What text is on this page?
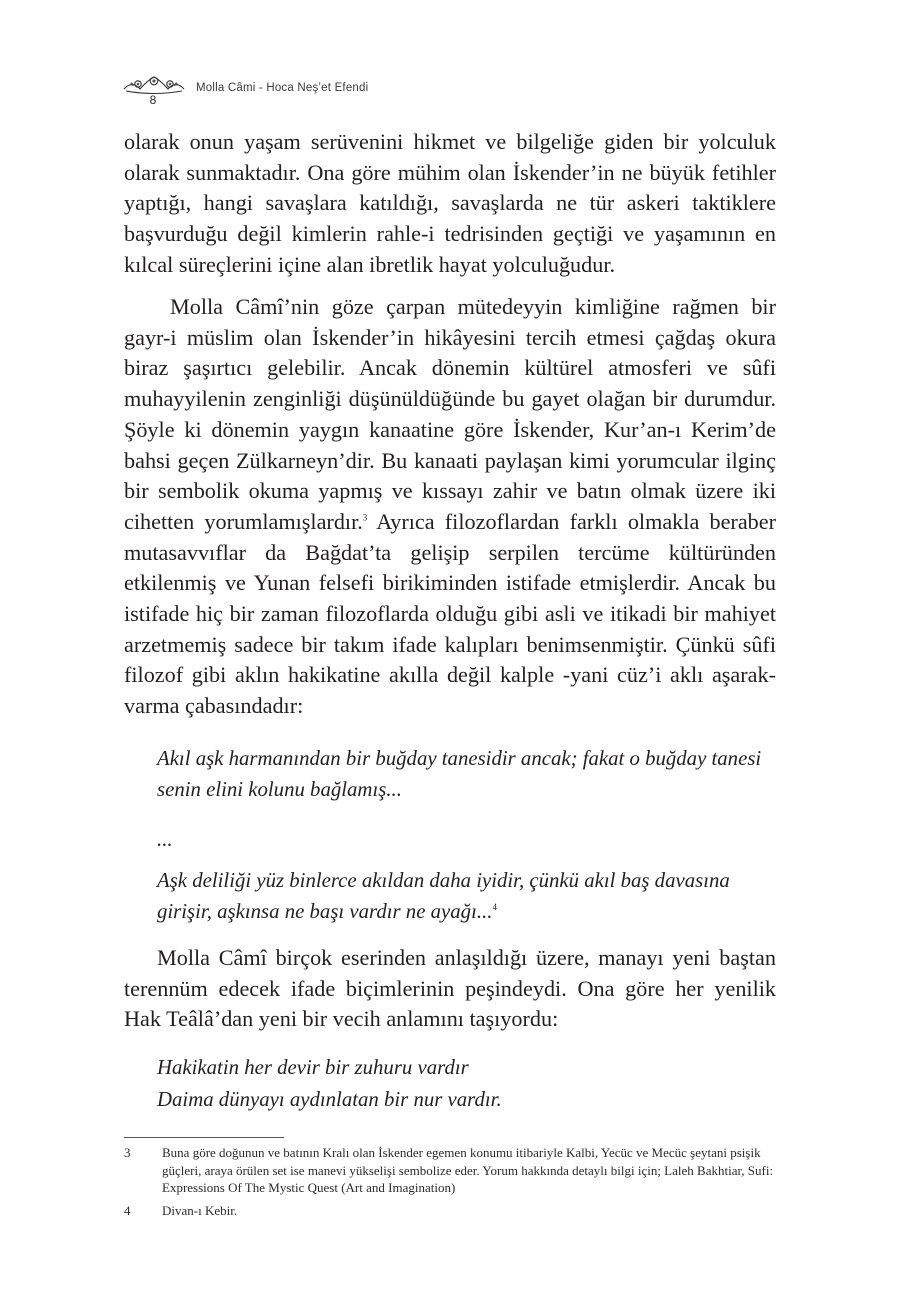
8
Molla Câmi - Hoca Neş’et Efendi

olarak onun yaşam serüvenini hikmet ve bilgeliğe giden bir yolculuk olarak sunmaktadır. Ona göre mühim olan İskender’in ne büyük fetihler yaptığı, hangi savaşlara katıldığı, savaşlarda ne tür askeri taktiklere başvurduğu değil kimlerin rahle-i tedrisinden geçtiği ve yaşamının en kılcal süreçlerini içine alan ibretlik hayat yolculuğudur.

Molla Câmî’nin göze çarpan mütedeyyin kimliğine rağmen bir gayr-i müslim olan İskender’in hikâyesini tercih etmesi çağdaş okura biraz şaşırtıcı gelebilir. Ancak dönemin kültürel atmosferi ve sûfi muhayyilenin zenginliği düşünüldüğünde bu gayet olağan bir durumdur. Şöyle ki dönemin yaygın kanaatine göre İskender, Kur’an-ı Kerim’de bahsi geçen Zülkarneyn’dir. Bu kanaati paylaşan kimi yorumcular ilginç bir sembolik okuma yapmış ve kıssayı zahir ve batın olmak üzere iki cihetten yorumlamışlardır.$^3$ Ayrıca filozoflardan farklı olmakla beraber mutasavvıflar da Bağdat’ta gelişip serpilen tercüme kültüründen etkilenmiş ve Yunan felsefi birikiminden istifade etmişlerdir. Ancak bu istifade hiç bir zaman filozoflarda olduğu gibi asli ve itikadi bir mahiyet arzetmemiş sadece bir takım ifade kalıpları benimsenmiştir. Çünkü sûfi filozof gibi aklın hakikatine akılla değil kalple -yani cüz’i aklı aşarak- varma çabasındadır:

Akıl aşk harmanından bir buğday tanesidir ancak; fakat o buğday tanesi

senin elini kolunu bağlamış...

...

Aşk deliliği yüz binlerce akıldan daha iyidir, çünkü akıl baş davasına

girişir, aşkınsa ne başı vardır ne ayağı...$^4$

Molla Câmî birçok eserinden anlaşıldığı üzere, manayı yeni baştan terennüm edecek ifade biçimlerinin peşindeydi. Ona göre her yenilik Hak Teâlâ’dan yeni bir vecih anlamını taşıyordu:

Hakikatin her devir bir zuhuru vardır

Daima dünyayı aydınlatan bir nur vardır.

3	Buna göre doğunun ve batının Kralı olan İskender egemen konumu itibariyle Kalbi, Yecüc ve Mecüc şeytani psişik güçleri, araya örülen set ise manevi yükselişi sembolize eder. Yorum hakkında detaylı bilgi için; Laleh Bakhtiar, Sufi: Expressions Of The Mystic Quest (Art and Imagination)
4	Divan-ı Kebir.
